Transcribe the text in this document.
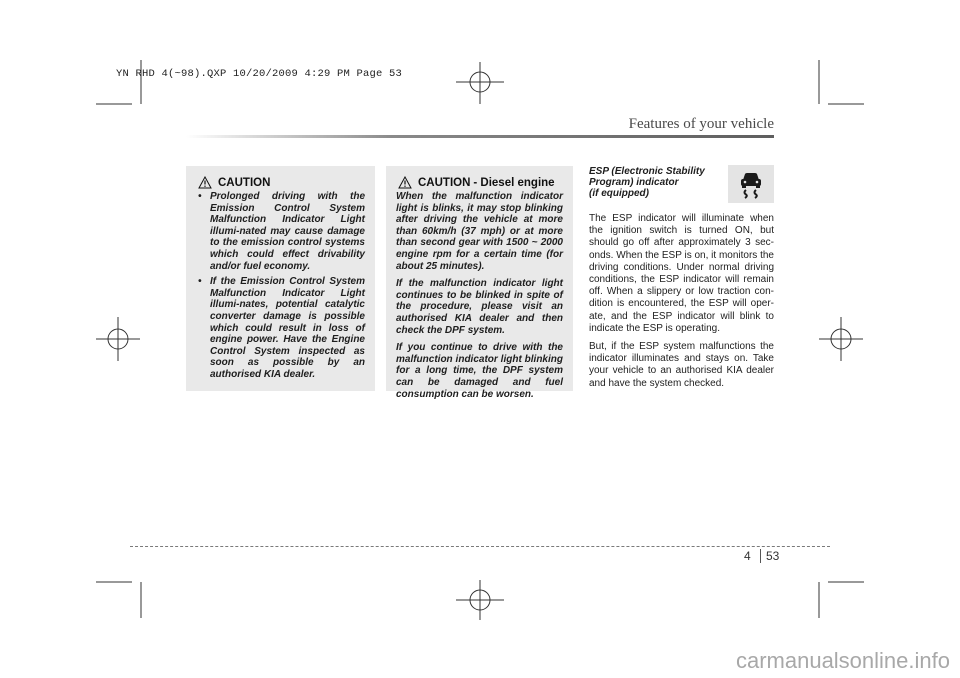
YN RHD 4(~98).QXP 10/20/2009 4:29 PM Page 53
Features of your vehicle
CAUTION
• Prolonged driving with the Emission Control System Malfunction Indicator Light illumi-nated may cause damage to the emission control systems which could effect drivability and/or fuel economy.
• If the Emission Control System Malfunction Indicator Light illumi-nates, potential catalytic converter damage is possible which could result in loss of engine power. Have the Engine Control System inspected as soon as possible by an authorised KIA dealer.
CAUTION - Diesel engine

When the malfunction indicator light is blinks, it may stop blinking after driving the vehicle at more than 60km/h (37 mph) or at more than second gear with 1500 ~ 2000 engine rpm for a certain time (for about 25 minutes).

If the malfunction indicator light continues to be blinked in spite of the procedure, please visit an authorised KIA dealer and then check the DPF system.

If you continue to drive with the malfunction indicator light blinking for a long time, the DPF system can be damaged and fuel consumption can be worsen.

ESP (Electronic Stability
Program) indicator
(if equipped)

The ESP indicator will illuminate when the ignition switch is turned ON, but should go off after approximately 3 sec-onds. When the ESP is on, it monitors the driving conditions. Under normal driving conditions, the ESP indicator will remain off. When a slippery or low traction con-dition is encountered, the ESP will oper-ate, and the ESP indicator will blink to indicate the ESP is operating.

But, if the ESP system malfunctions the indicator illuminates and stays on. Take your vehicle to an authorised KIA dealer and have the system checked.

4 53
carmanualsonline.info
